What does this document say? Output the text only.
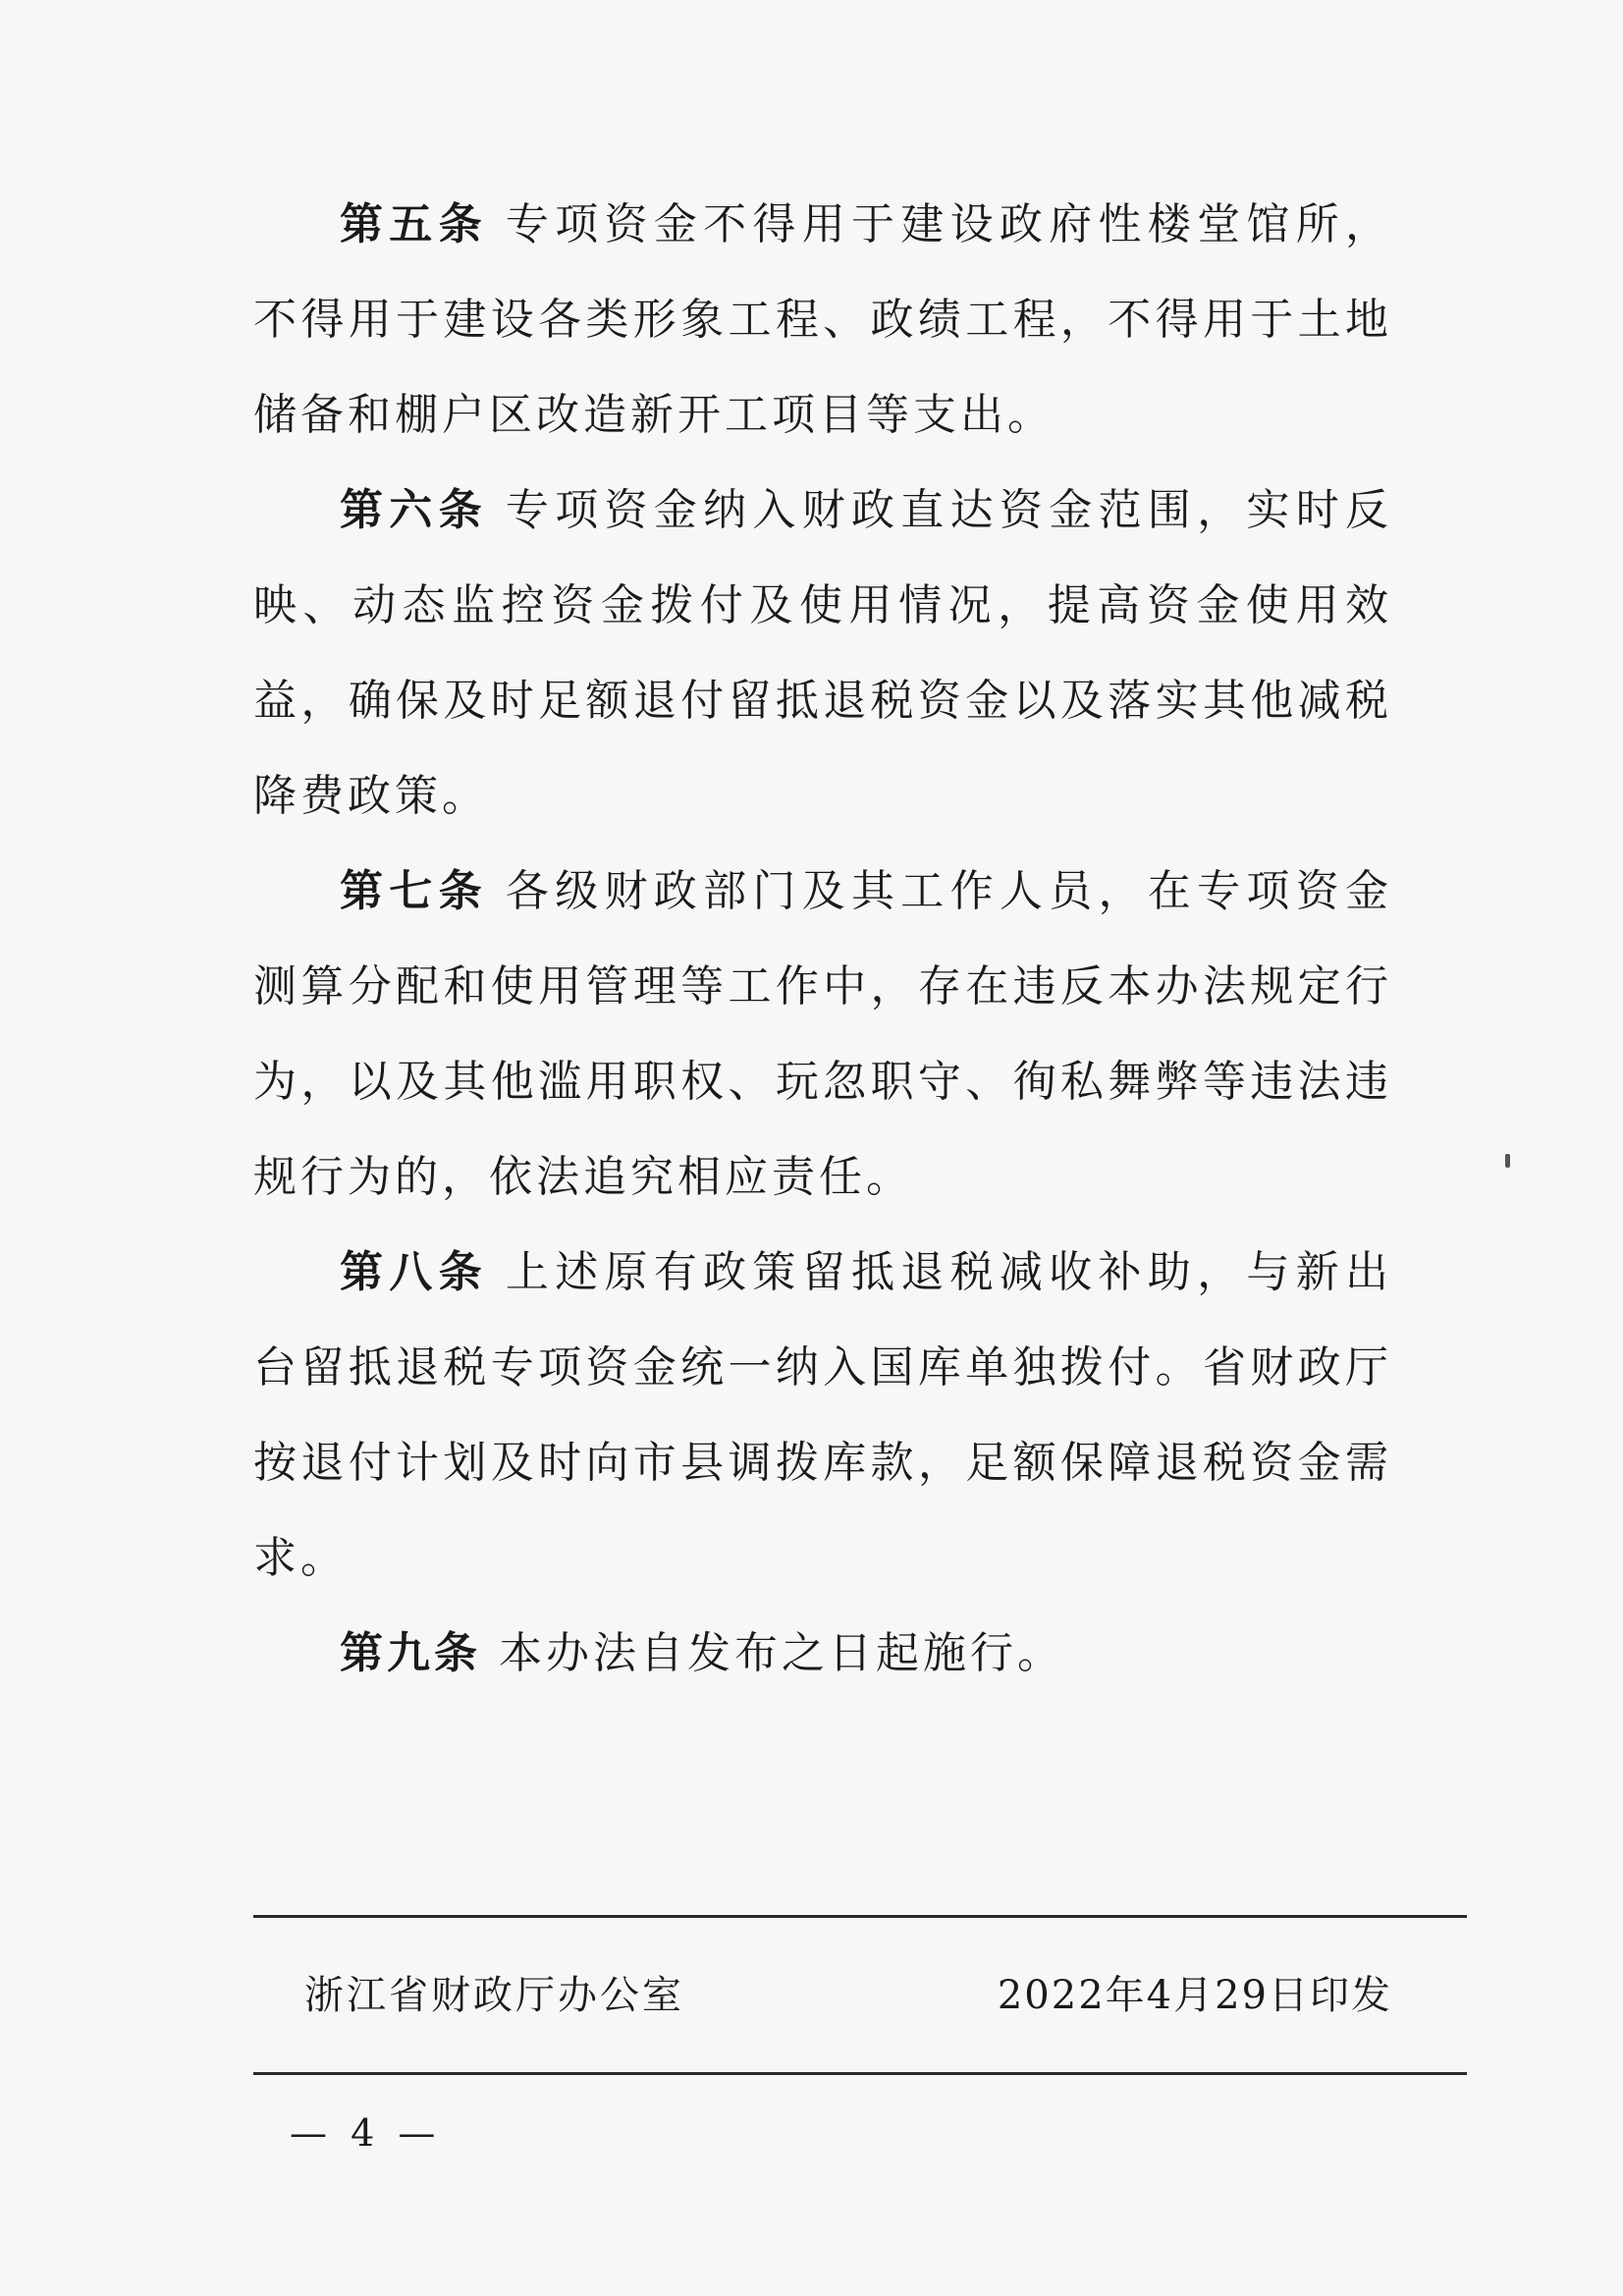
第五条 专项资金不得用于建设政府性楼堂馆所，不得用于建设各类形象工程、政绩工程，不得用于土地储备和棚户区改造新开工项目等支出。

第六条 专项资金纳入财政直达资金范围，实时反映、动态监控资金拨付及使用情况，提高资金使用效益，确保及时足额退付留抵退税资金以及落实其他减税降费政策。

第七条 各级财政部门及其工作人员，在专项资金测算分配和使用管理等工作中，存在违反本办法规定行为，以及其他滥用职权、玩忽职守、徇私舞弊等违法违规行为的，依法追究相应责任。

第八条 上述原有政策留抵退税减收补助，与新出台留抵退税专项资金统一纳入国库单独拨付。省财政厅按退付计划及时向市县调拨库款，足额保障退税资金需求。

第九条 本办法自发布之日起施行。

浙江省财政厅办公室	2022年4月29日印发
— 4 —
